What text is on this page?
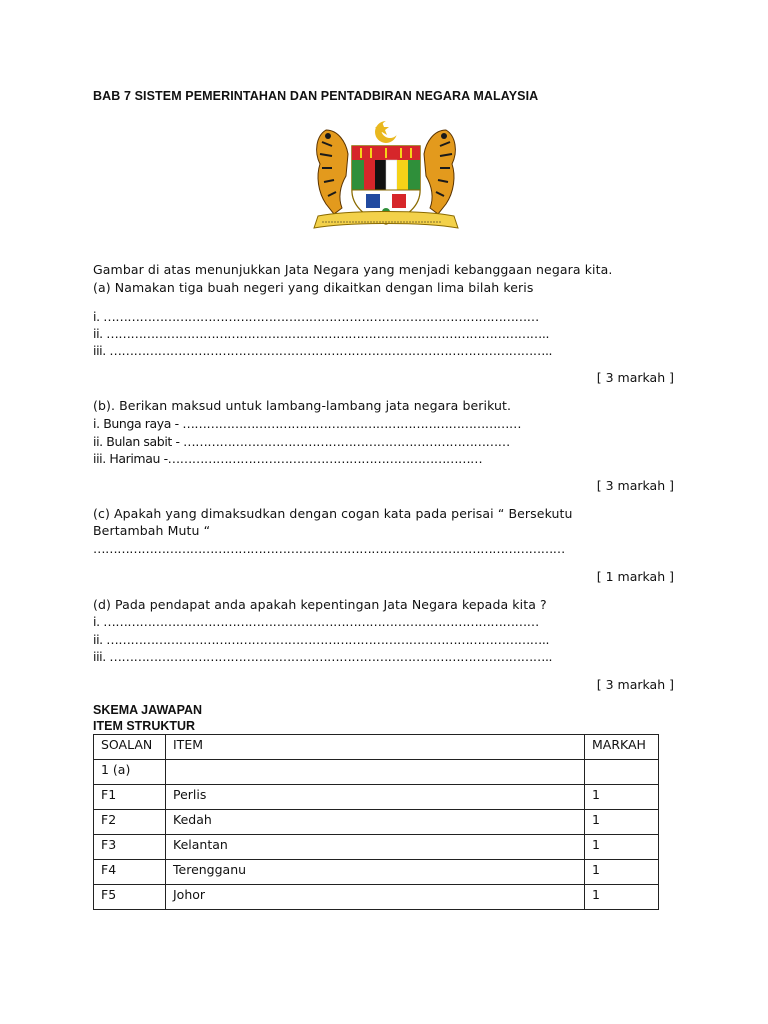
BAB 7 SISTEM PEMERINTAHAN DAN PENTADBIRAN NEGARA MALAYSIA
Gambar di atas menunjukkan Jata Negara yang menjadi kebanggaan negara kita.
(a) Namakan tiga buah negeri yang dikaitkan dengan lima bilah keris
i. ………………………………………………………………………………………………
ii. ………………………………………………………………………………………………..
iii. ………………………………………………………………………………………………..
[ 3 markah ]
(b). Berikan maksud untuk lambang-lambang jata negara berikut.
i. Bunga raya - …………………………………………………………………………
ii. Bulan sabit - ………………………………………………………………………
iii. Harimau -……………………………………………………………………
[ 3 markah ]
(c) Apakah yang dimaksudkan dengan cogan kata pada perisai “ Bersekutu
Bertambah Mutu “
………………………………………………………………………………………………………
[ 1 markah ]
(d) Pada pendapat anda apakah kepentingan Jata Negara kepada kita ?
i. ………………………………………………………………………………………………
ii. ………………………………………………………………………………………………..
iii. ………………………………………………………………………………………………..
[ 3 markah ]
SKEMA JAWAPAN
ITEM STRUKTUR
SOALAN	ITEM	MARKAH
1 (a)		
F1	Perlis	1
F2	Kedah	1
F3	Kelantan	1
F4	Terengganu	1
F5	Johor	1
